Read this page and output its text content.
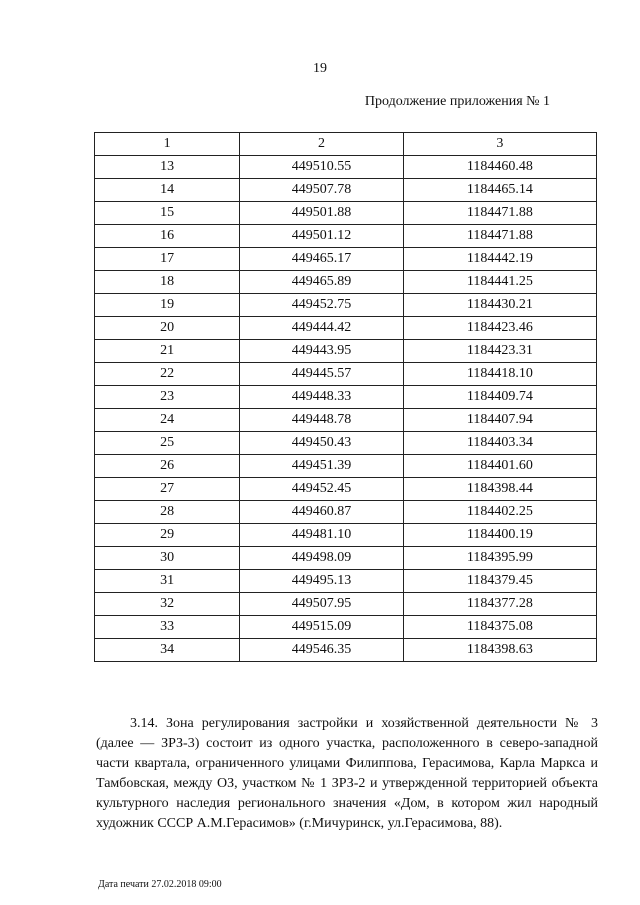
19
Продолжение приложения № 1
1	2	3
13	449510.55	1184460.48
14	449507.78	1184465.14
15	449501.88	1184471.88
16	449501.12	1184471.88
17	449465.17	1184442.19
18	449465.89	1184441.25
19	449452.75	1184430.21
20	449444.42	1184423.46
21	449443.95	1184423.31
22	449445.57	1184418.10
23	449448.33	1184409.74
24	449448.78	1184407.94
25	449450.43	1184403.34
26	449451.39	1184401.60
27	449452.45	1184398.44
28	449460.87	1184402.25
29	449481.10	1184400.19
30	449498.09	1184395.99
31	449495.13	1184379.45
32	449507.95	1184377.28
33	449515.09	1184375.08
34	449546.35	1184398.63
3.14. Зона регулирования застройки и хозяйственной деятельности № 3 (далее — ЗРЗ-3) состоит из одного участка, расположенного в северо-западной части квартала, ограниченного улицами Филиппова, Герасимова, Карла Маркса и Тамбовская, между ОЗ, участком № 1 ЗРЗ-2 и утвержденной территорией объекта культурного наследия регионального значения «Дом, в котором жил народный художник СССР А.М.Герасимов» (г.Мичуринск, ул.Герасимова, 88).
Дата печати 27.02.2018 09:00
